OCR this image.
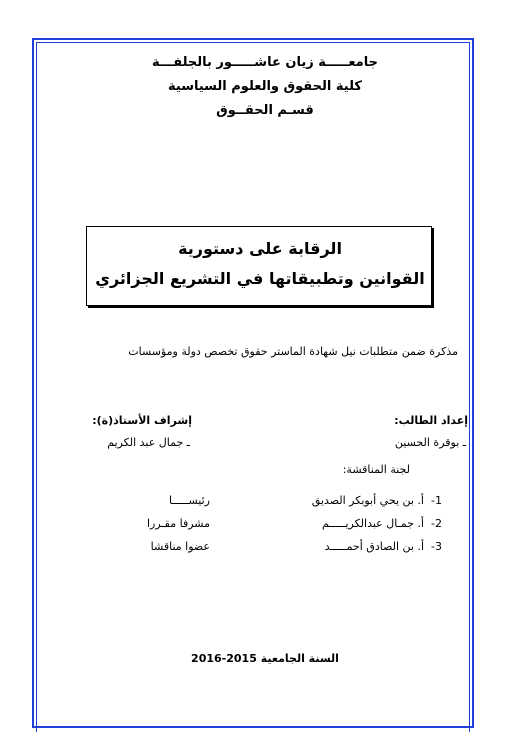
جامعـــــة زيان عاشـــــور بالجلفـــة
كلية الحقوق والعلوم السياسية
قسـم الحقــوق
الرقابة على دستورية
القوانين وتطبيقاتها في التشريع الجزائري
مذكرة ضمن متطلبات نيل شهادة الماستر حقوق تخصص دولة ومؤسسات
إعداد الطالب:
ـ بوقرة الحسين
إشراف الأستاذ(ة):
ـ جمال عبد الكريم
لجنة المناقشة:
1-
أ. بن يحي أبوبكر الصديق
رئيســـــا
2-
أ. جمـال عبدالكريـــــم
مشرفا مقـررا
3-
أ. بن الصادق أحمـــــد
عضوا مناقشا
السنة الجامعية 2015-2016
